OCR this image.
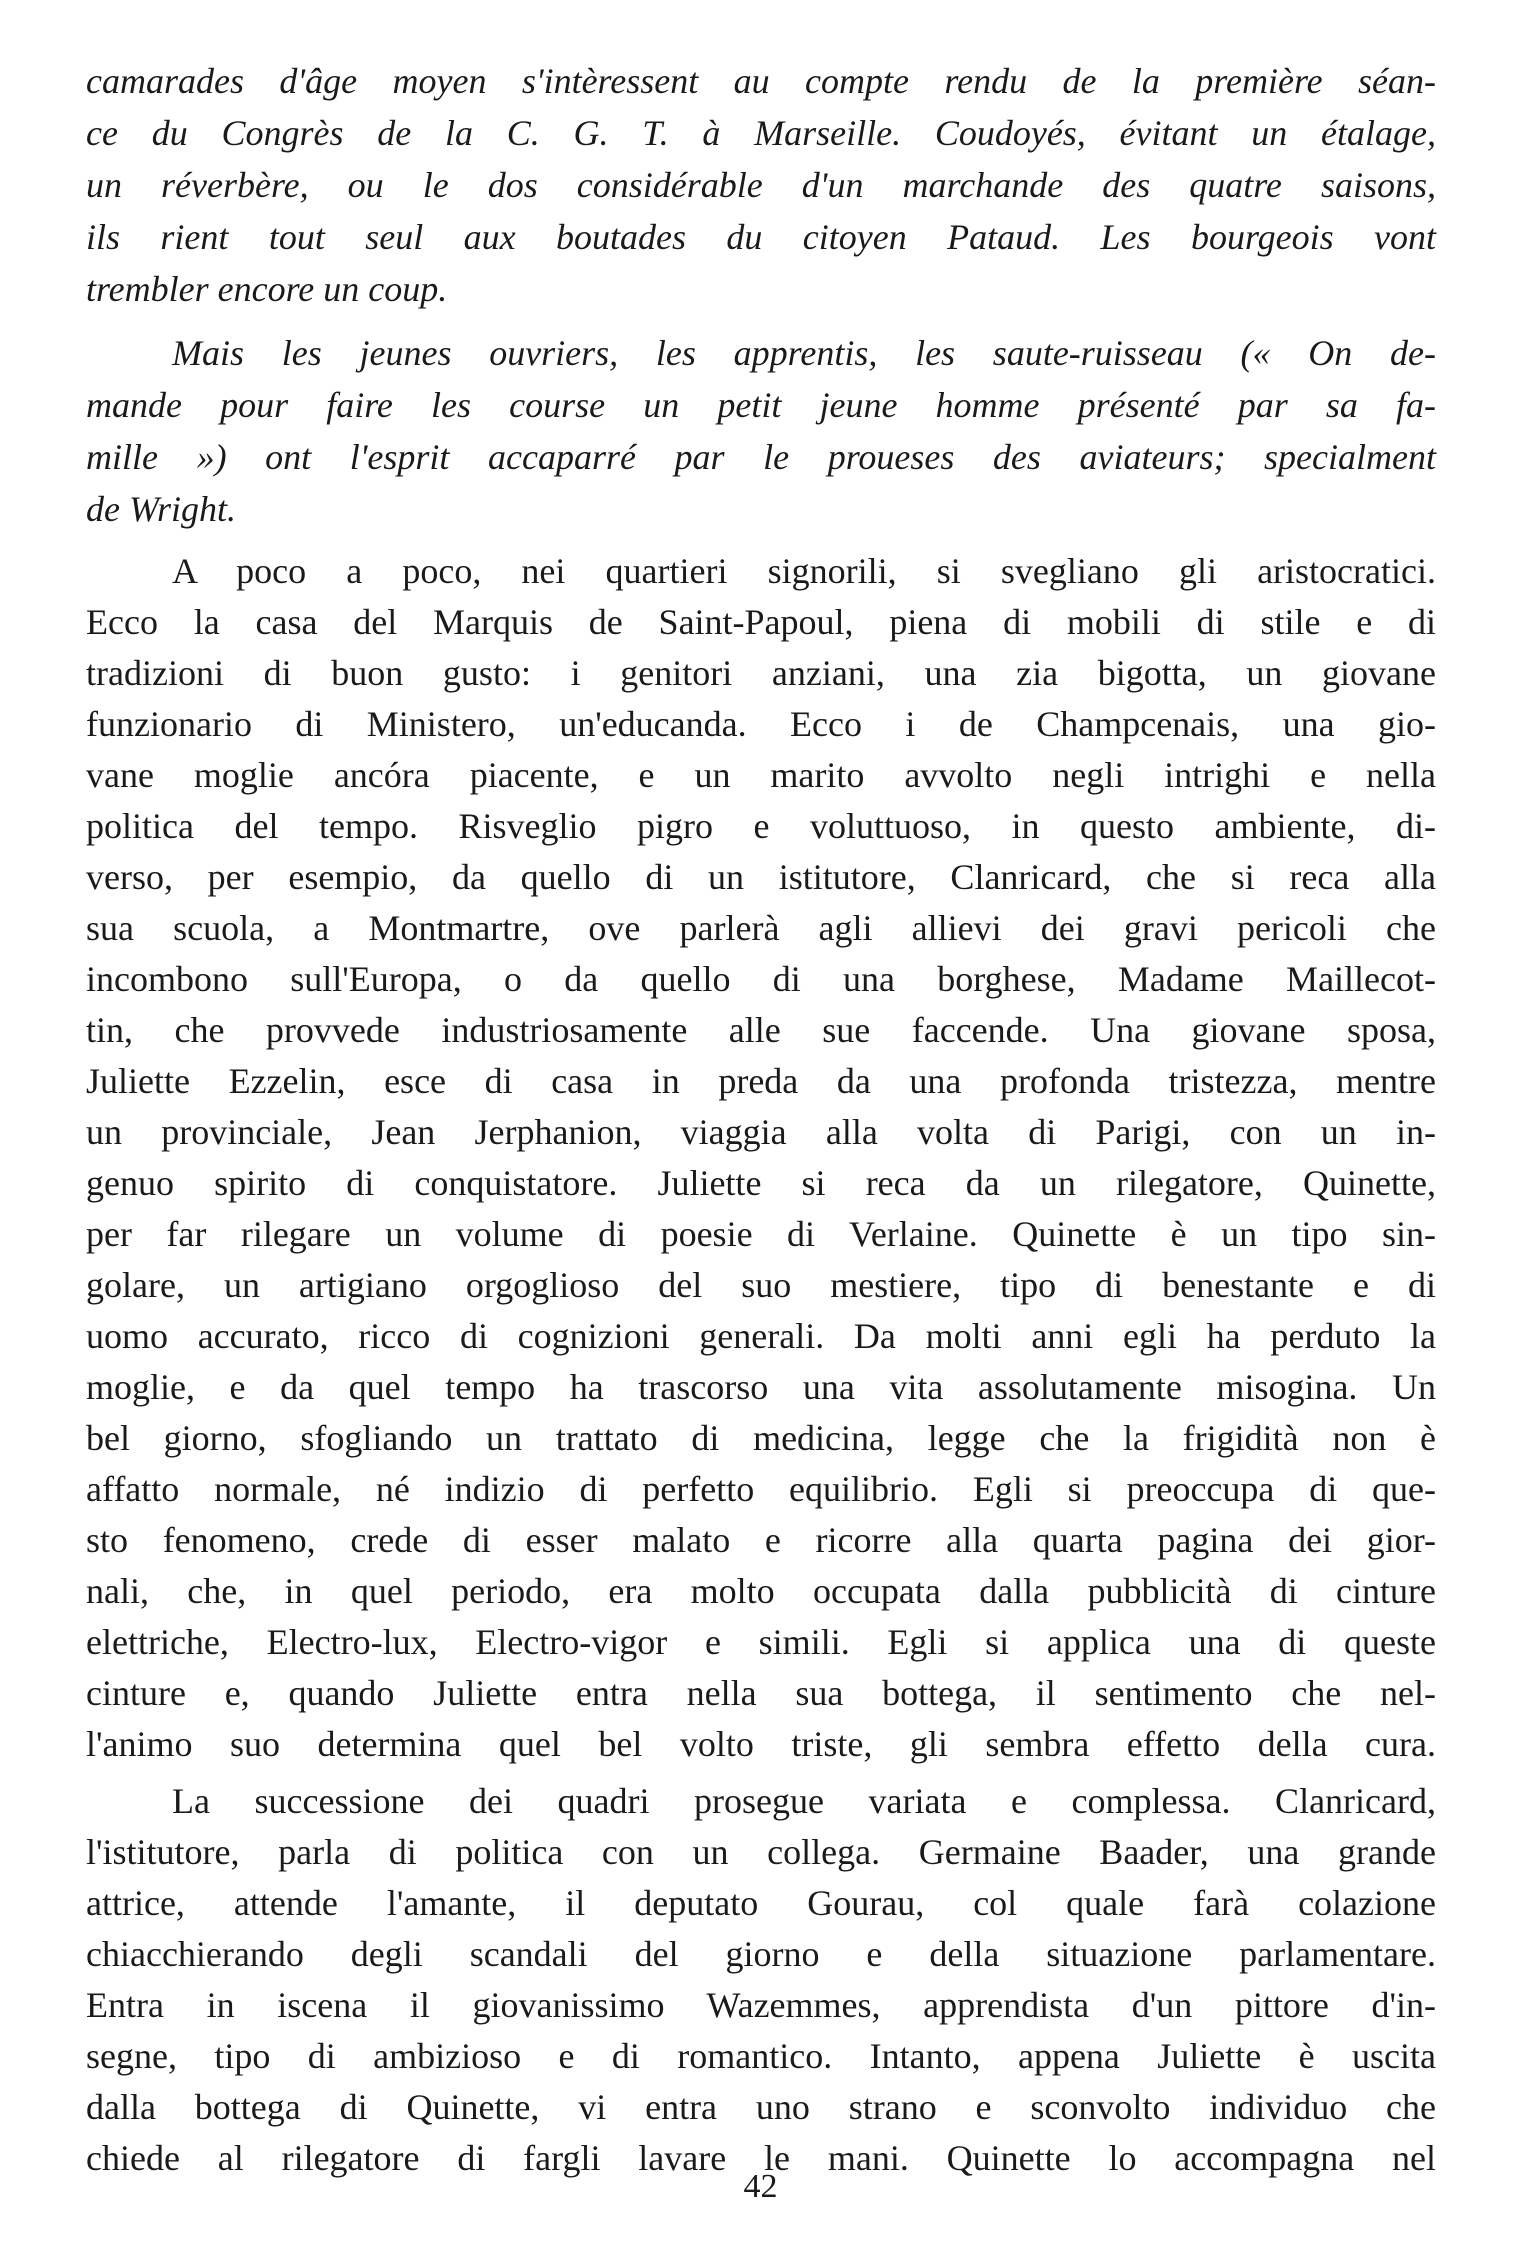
camarades d'âge moyen s'intèressent au compte rendu de la première séan-
ce du Congrès de la C. G. T. à Marseille. Coudoyés, évitant un étalage,
un réverbère, ou le dos considérable d'un marchande des quatre saisons,
ils rient tout seul aux boutades du citoyen Pataud. Les bourgeois vont
trembler encore un coup.
Mais les jeunes ouvriers, les apprentis, les saute-ruisseau (« On de-
mande pour faire les course un petit jeune homme présenté par sa fa-
mille ») ont l'esprit accaparré par le proueses des aviateurs; specialment
de Wright.
A poco a poco, nei quartieri signorili, si svegliano gli aristocratici.
Ecco la casa del Marquis de Saint-Papoul, piena di mobili di stile e di
tradizioni di buon gusto: i genitori anziani, una zia bigotta, un giovane
funzionario di Ministero, un'educanda. Ecco i de Champcenais, una gio-
vane moglie ancóra piacente, e un marito avvolto negli intrighi e nella
politica del tempo. Risveglio pigro e voluttuoso, in questo ambiente, di-
verso, per esempio, da quello di un istitutore, Clanricard, che si reca alla
sua scuola, a Montmartre, ove parlerà agli allievi dei gravi pericoli che
incombono sull'Europa, o da quello di una borghese, Madame Maillecot-
tin, che provvede industriosamente alle sue faccende. Una giovane sposa,
Juliette Ezzelin, esce di casa in preda da una profonda tristezza, mentre
un provinciale, Jean Jerphanion, viaggia alla volta di Parigi, con un in-
genuo spirito di conquistatore. Juliette si reca da un rilegatore, Quinette,
per far rilegare un volume di poesie di Verlaine. Quinette è un tipo sin-
golare, un artigiano orgoglioso del suo mestiere, tipo di benestante e di
uomo accurato, ricco di cognizioni generali. Da molti anni egli ha perduto la
moglie, e da quel tempo ha trascorso una vita assolutamente misogina. Un
bel giorno, sfogliando un trattato di medicina, legge che la frigidità non è
affatto normale, né indizio di perfetto equilibrio. Egli si preoccupa di que-
sto fenomeno, crede di esser malato e ricorre alla quarta pagina dei gior-
nali, che, in quel periodo, era molto occupata dalla pubblicità di cinture
elettriche, Electro-lux, Electro-vigor e simili. Egli si applica una di queste
cinture e, quando Juliette entra nella sua bottega, il sentimento che nel-
l'animo suo determina quel bel volto triste, gli sembra effetto della cura.
La successione dei quadri prosegue variata e complessa. Clanricard,
l'istitutore, parla di politica con un collega. Germaine Baader, una grande
attrice, attende l'amante, il deputato Gourau, col quale farà colazione
chiacchierando degli scandali del giorno e della situazione parlamentare.
Entra in iscena il giovanissimo Wazemmes, apprendista d'un pittore d'in-
segne, tipo di ambizioso e di romantico. Intanto, appena Juliette è uscita
dalla bottega di Quinette, vi entra uno strano e sconvolto individuo che
chiede al rilegatore di fargli lavare le mani. Quinette lo accompagna nel
42
